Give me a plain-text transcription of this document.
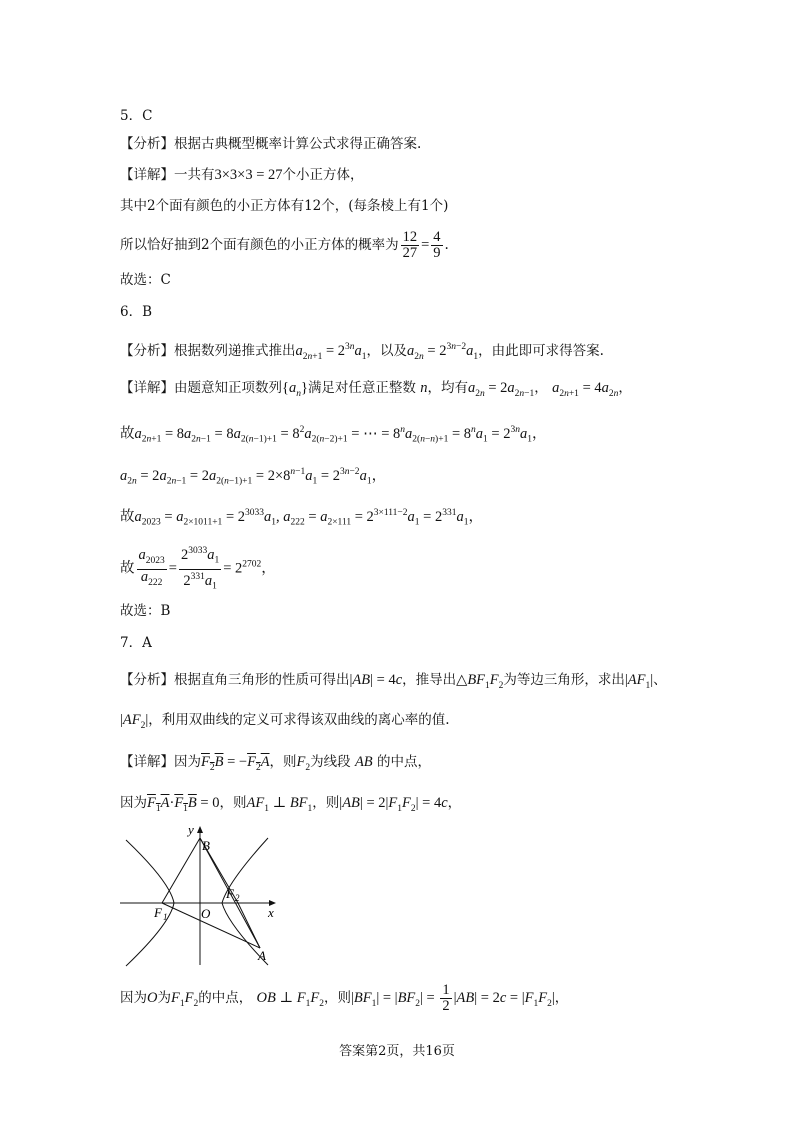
5．C
【分析】根据古典概型概率计算公式求得正确答案.
【详解】一共有3×3×3 = 27个小正方体，
其中2个面有颜色的小正方体有12个，(每条棱上有1个)
所以恰好抽到2个面有颜色的小正方体的概率为 $\frac{12}{27} = \frac{4}{9}$ .
故选：C
6．B
【分析】根据数列递推式推出$a_{2n+1} = 2^{3n}a_1$，以及$a_{2n} = 2^{3n-2}a_1$，由此即可求得答案.
【详解】由题意知正项数列$\{a_n\}$满足对任意正整数 n，均有$a_{2n} = 2a_{2n-1}$， $a_{2n+1} = 4a_{2n}$，
故$a_{2n+1} = 8a_{2n-1} = 8a_{2(n-1)+1} = 8^2a_{2(n-2)+1}$ = ⋯ = $8^na_{2(n-n)+1} = 8^na_1 = 2^{3n}a_1$，
$a_{2n} = 2a_{2n-1} = 2a_{2(n-1)+1} = 2\times 8^{n-1}a_1 = 2^{3n-2}a_1$，
故$a_{2023} = a_{2\times 1011+1} = 2^{3033}a_1$, $a_{222} = a_{2\times 111} = 2^{3\times 111-2}a_1 = 2^{331}a_1$，
故 $\frac{a_{2023}}{a_{222}} = \frac{2^{3033}a_1}{2^{331}a_1} = 2^{2702}$，
故选：B
7．A
【分析】根据直角三角形的性质可得出|AB| = 4c，推导出$\triangle BF_1F_2$为等边三角形，求出$|AF_1|$、
$|AF_2|$，利用双曲线的定义可求得该双曲线的离心率的值.
【详解】因为$F_2B = -F_2A$，则$F_2$为线段 AB 的中点，
因为$F_1A\cdot F_1B = 0$，则$AF_1$ ⊥ $BF_1$，则$|AB| = 2|F_1F_2| = 4c$，
y
B
x
O
F 1
F 2
A
因为O为$F_1F_2$的中点， OB ⊥ $F_1F_2$，则$|BF_1| = |BF_2| = \frac{1}{2} |AB| = 2c = |F_1F_2|$，
答案第2页，共16页
